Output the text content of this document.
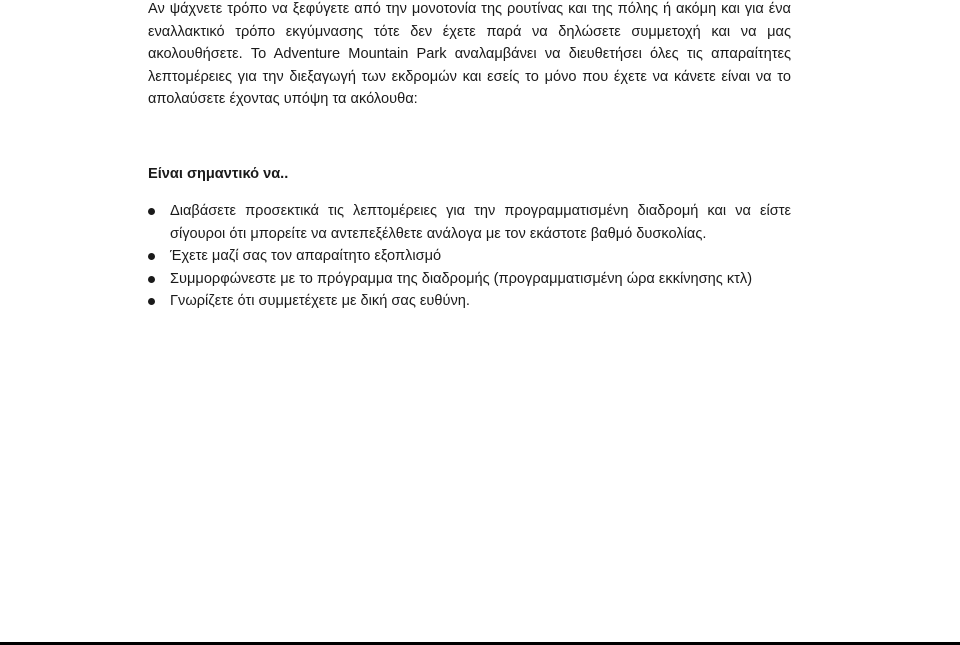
Αν ψάχνετε τρόπο να ξεφύγετε από την μονοτονία της ρουτίνας και της πόλης ή ακόμη και για ένα
εναλλακτικό τρόπο εκγύμνασης τότε δεν έχετε παρά να δηλώσετε συμμετοχή και να μας
ακολουθήσετε. To Adventure Mountain Park αναλαμβάνει να διευθετήσει όλες τις απαραίτητες
λεπτομέρειες για την διεξαγωγή των εκδρομών και εσείς το μόνο που έχετε να κάνετε είναι να το
απολαύσετε έχοντας υπόψη τα ακόλουθα:

Είναι σημαντικό να..

Διαβάσετε προσεκτικά τις λεπτομέρειες για την προγραμματισμένη διαδρομή και να είστε
σίγουροι ότι μπορείτε να αντεπεξέλθετε ανάλογα με τον εκάστοτε βαθμό δυσκολίας.
Έχετε μαζί σας τον απαραίτητο εξοπλισμό
Συμμορφώνεστε με το πρόγραμμα της διαδρομής (προγραμματισμένη ώρα εκκίνησης κτλ)
Γνωρίζετε ότι συμμετέχετε με δική σας ευθύνη.
